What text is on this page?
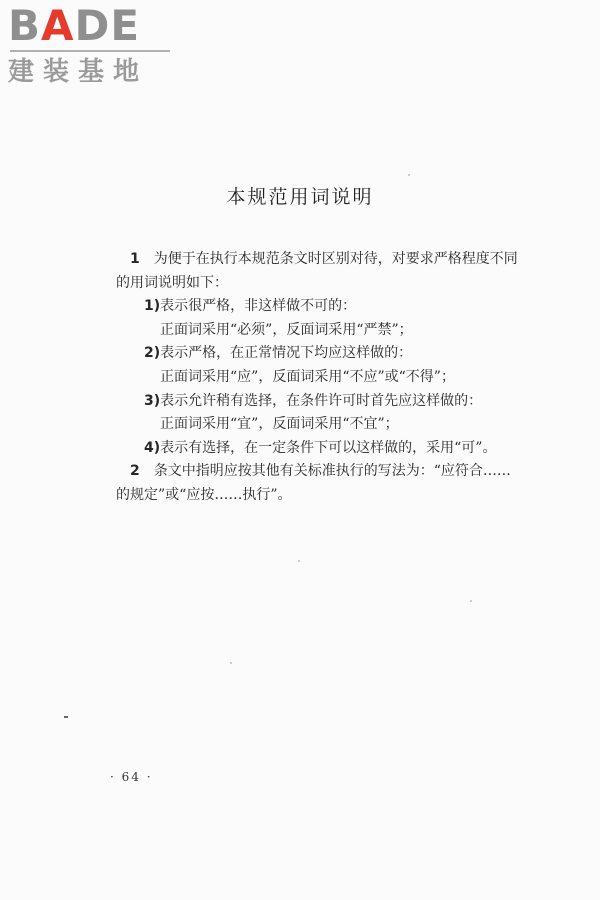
BADE
建装基地
本规范用词说明

1　 为便于在执行本规范条文时区别对待，对要求严格程度不同的用词说明如下：

1)表示很严格，非这样做不可的：

正面词采用“必须”，反面词采用“严禁”；

2)表示严格，在正常情况下均应这样做的：

正面词采用“应”，反面词采用“不应”或“不得”；

3)表示允许稍有选择，在条件许可时首先应这样做的：

正面词采用“宜”，反面词采用“不宜”；

4)表示有选择，在一定条件下可以这样做的，采用“可”。

2　 条文中指明应按其他有关标准执行的写法为：“应符合……的规定”或“应按……执行”。

· 64 ·
